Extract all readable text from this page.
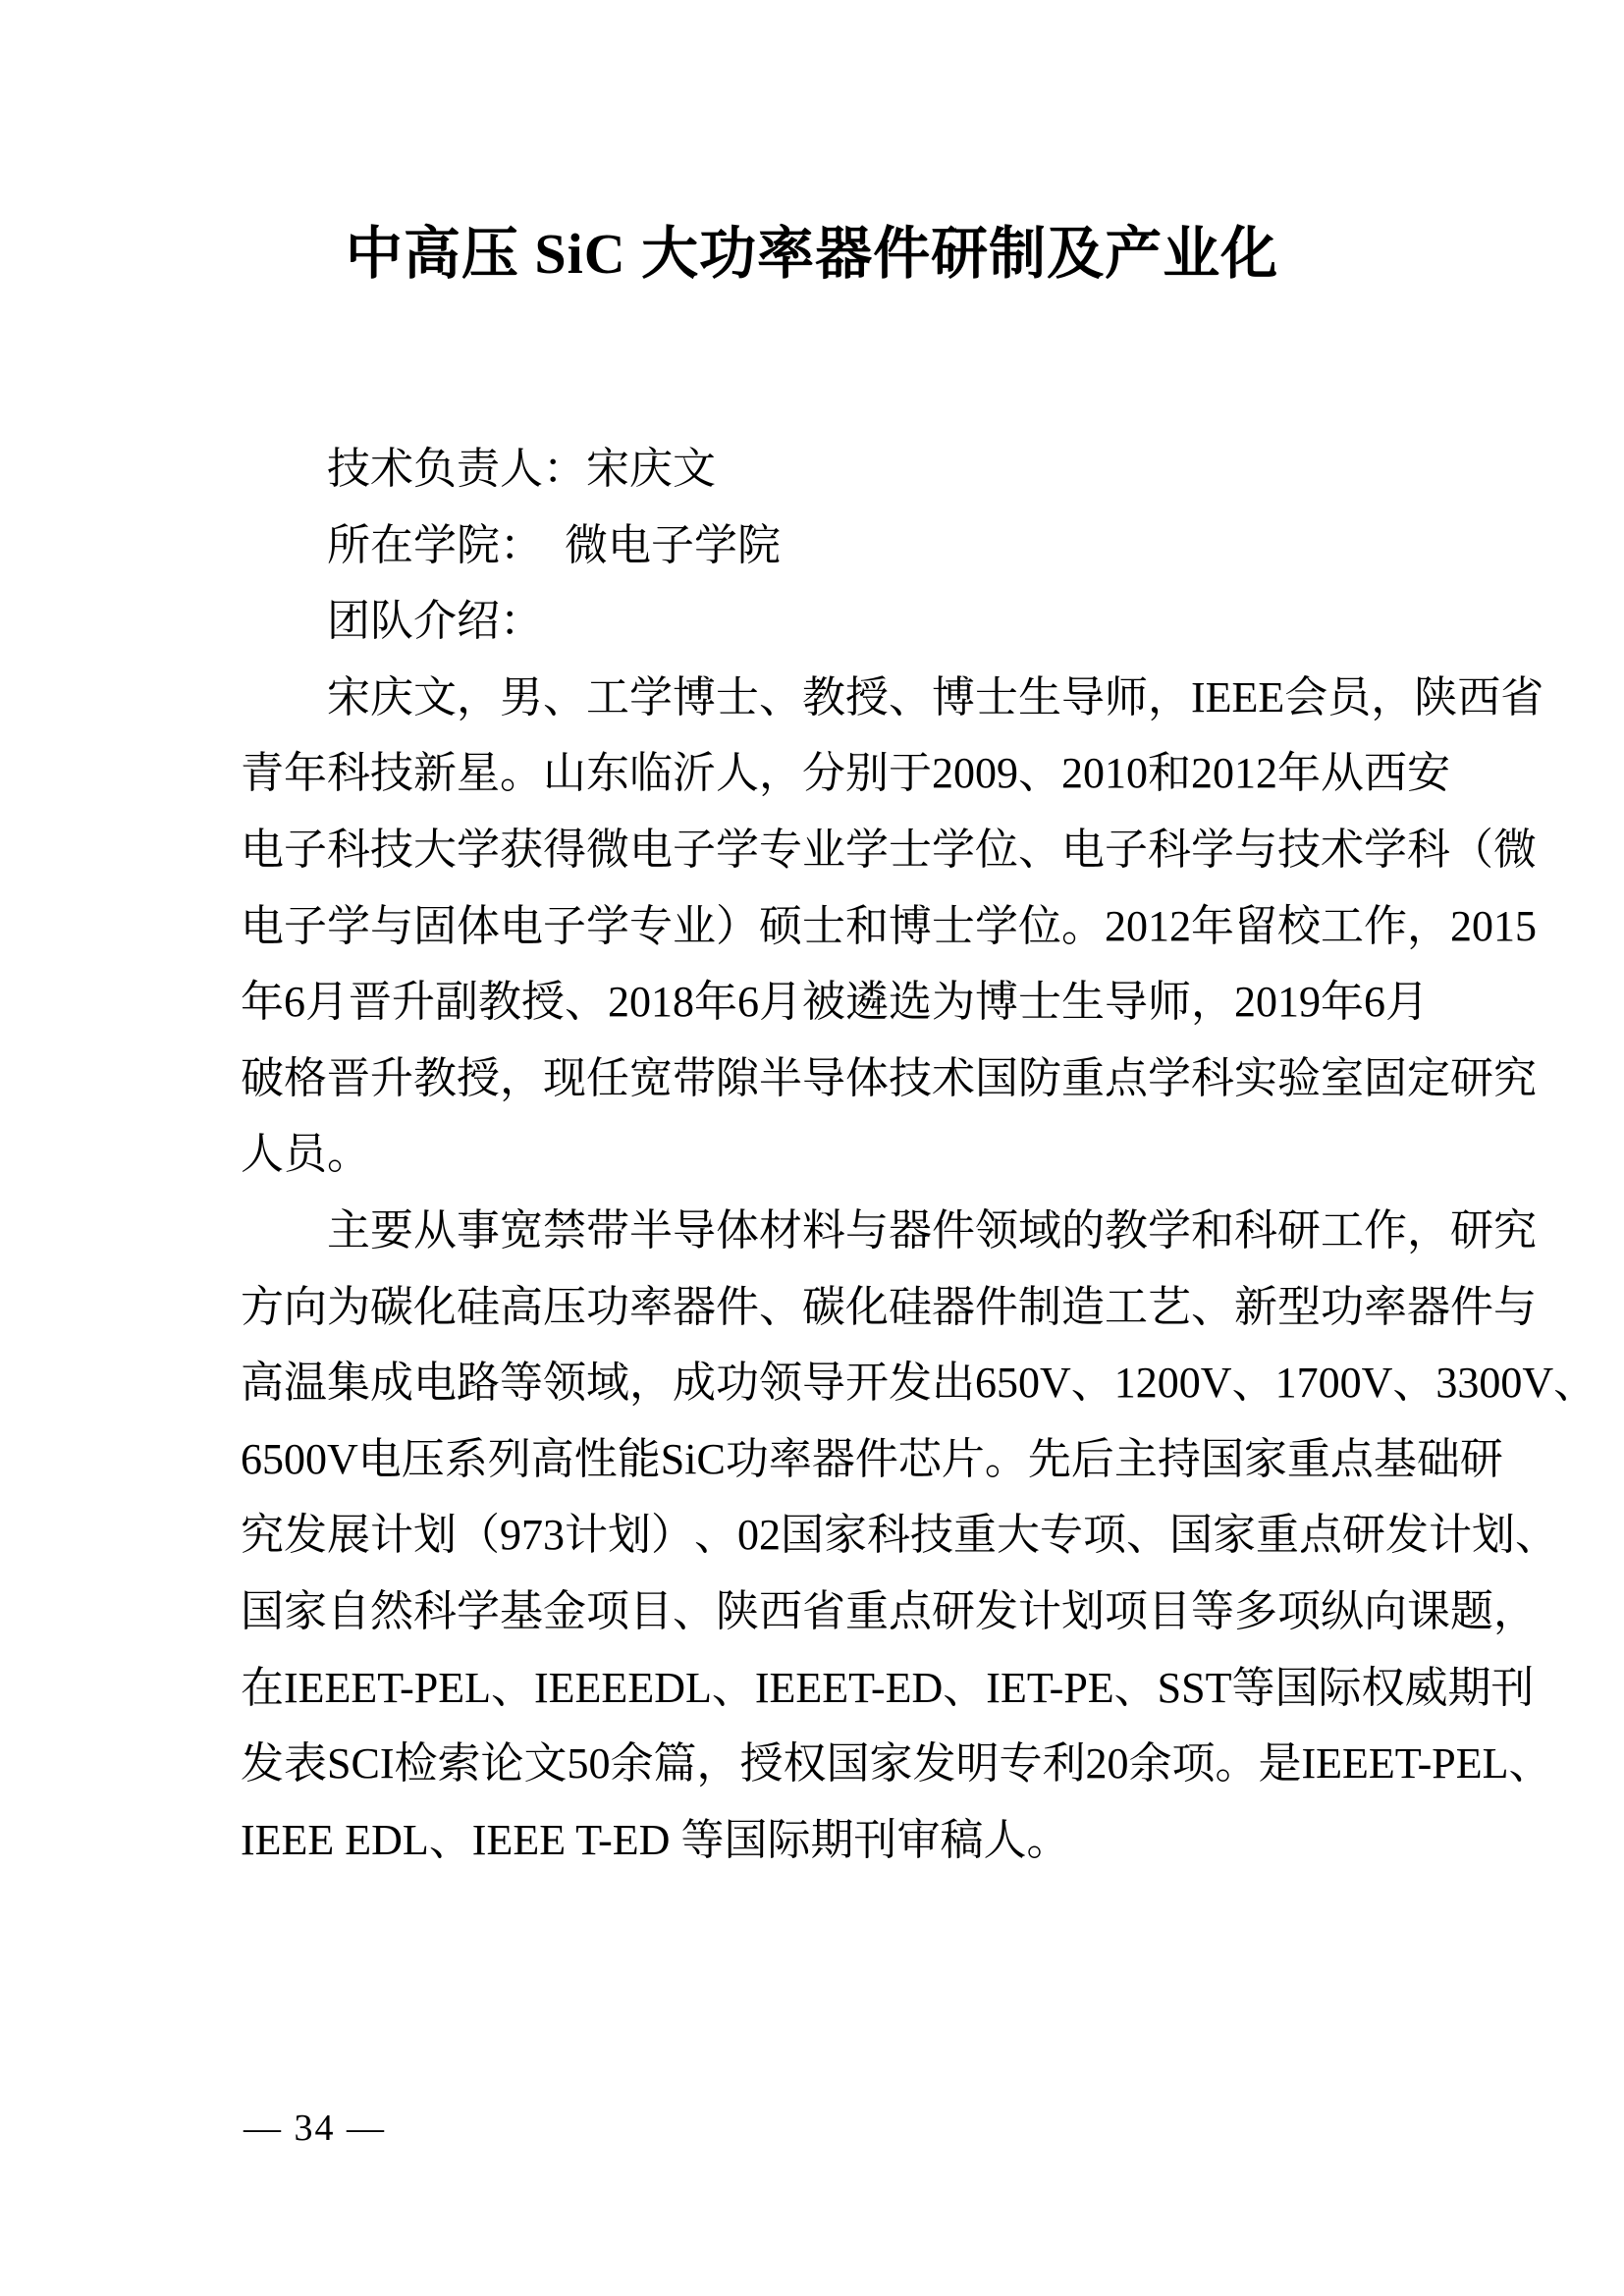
中高压 SiC 大功率器件研制及产业化
技术负责人：宋庆文
所在学院：　微电子学院
团队介绍：
宋 庆 文 ， 男 、 工 学 博 士 、 教 授 、 博 士 生 导 师 ， IEEE 会 员 ， 陕 西 省
青 年 科 技 新 星 。 山 东 临 沂 人 ， 分 别 于 2009 、 2010 和 2012 年 从 西 安
电 子 科 技 大 学 获 得 微 电 子 学 专 业 学 士 学 位 、 电 子 科 学 与 技 术 学 科 （ 微
电 子 学 与 固 体 电 子 学 专 业 ） 硕 士 和 博 士 学 位 。 2012 年 留 校 工 作 ， 2015
年 6 月 晋 升 副 教 授 、 2018 年 6 月 被 遴 选 为 博 士 生 导 师 ， 2019 年 6 月
破 格 晋 升 教 授 ， 现 任 宽 带 隙 半 导 体 技 术 国 防 重 点 学 科 实 验 室 固 定 研 究
人员。
主 要 从 事 宽 禁 带 半 导 体 材 料 与 器 件 领 域 的 教 学 和 科 研 工 作 ， 研 究
方 向 为 碳 化 硅 高 压 功 率 器 件 、 碳 化 硅 器 件 制 造 工 艺 、 新 型 功 率 器 件 与
高 温 集 成 电 路 等 领 域 ， 成 功 领 导 开 发 出 650V 、 1200V 、 1700V 、 3300V 、
6500V 电 压 系 列 高 性 能 SiC 功 率 器 件 芯 片 。 先 后 主 持 国 家 重 点 基 础 研
究 发 展 计 划 （ 973 计 划 ） 、 02 国 家 科 技 重 大 专 项 、 国 家 重 点 研 发 计 划 、
国 家 自 然 科 学 基 金 项 目 、 陕 西 省 重 点 研 发 计 划 项 目 等 多 项 纵 向 课 题 ，
在 IEEE T-PEL 、 IEEE EDL 、 IEEE T-ED 、 IET-PE 、 SST 等 国 际 权 威 期 刊
发 表 SCI 检 索 论 文 50 余 篇 ， 授 权 国 家 发 明 专 利 20 余 项 。 是 IEEE T-PEL 、
IEEE EDL、IEEE T-ED 等国际期刊审稿人。
— 34 —
